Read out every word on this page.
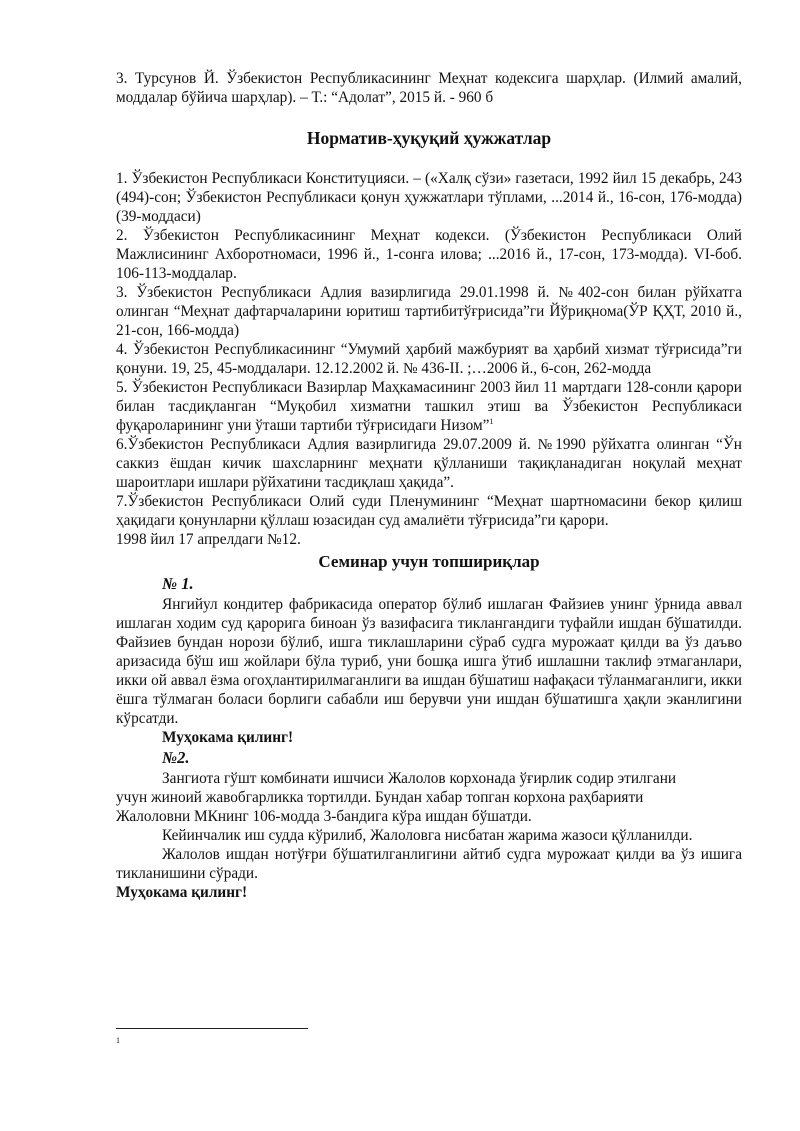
3. Турсунов Й. Ўзбекистон Республикасининг Меҳнат кодексига шарҳлар. (Илмий амалий, моддалар бўйича шарҳлар). – Т.: “Адолат”, 2015 й. - 960 б

Норматив-ҳуқуқий ҳужжатлар

1. Ўзбекистон Республикаси Конституцияси. – («Халқ сўзи» газетаси, 1992 йил 15 декабрь, 243 (494)-сон; Ўзбекистон Республикаси қонун ҳужжатлари тўплами, ...2014 й., 16-сон, 176-модда) (39-моддаси)

2. Ўзбекистон Республикасининг Меҳнат кодекси. (Ўзбекистон Республикаси Олий Мажлисининг Ахборотномаси, 1996 й., 1-сонга илова; ...2016 й., 17-сон, 173-модда). VI-боб. 106-113-моддалар.

3. Ўзбекистон Республикаси Адлия вазирлигида 29.01.1998 й. №402-сон билан рўйхатга олинган “Меҳнат дафтарчаларини юритиш тартибитўғрисида”ги Йўриқнома(ЎР ҚҲТ, 2010 й., 21-сон, 166-модда)

4. Ўзбекистон Республикасининг “Умумий ҳарбий мажбурият ва ҳарбий хизмат тўғрисида”ги қонуни. 19, 25, 45-моддалари. 12.12.2002 й. № 436-II. ;…2006 й., 6-сон, 262-модда

5. Ўзбекистон Республикаси Вазирлар Маҳкамасининг 2003 йил 11 мартдаги 128-сонли қарори билан тасдиқланган “Муқобил хизматни ташкил этиш ва Ўзбекистон Республикаси фуқароларининг уни ўташи тартиби тўғрисидаги Низом”$^1$

6.Ўзбекистон Республикаси Адлия вазирлигида 29.07.2009 й. №1990 рўйхатга олинган “Ўн саккиз ёшдан кичик шахсларнинг меҳнати қўлланиши тақиқланадиган ноқулай меҳнат шароитлари ишлари рўйхатини тасдиқлаш ҳақида”.

7.Ўзбекистон Республикаси Олий суди Пленумининг “Меҳнат шартномасини бекор қилиш ҳақидаги қонунларни қўллаш юзасидан суд амалиёти тўғрисида”ги қарори.

1998 йил 17 апрелдаги №12.

Семинар учун топшириқлар

№ 1.

Янгийул кондитер фабрикасида оператор бўлиб ишлаган Файзиев унинг ўрнида аввал ишлаган ходим суд қарорига биноан ўз вазифасига тиклангандиги туфайли ишдан бўшатилди. Файзиев бундан норози бўлиб, ишга тиклашларини сўраб судга мурожаат қилди ва ўз даъво аризасида бўш иш жойлари бўла туриб, уни бошқа ишга ўтиб ишлашни таклиф этмаганлари, икки ой аввал ёзма огоҳлантирилмаганлиги ва ишдан бўшатиш нафақаси тўланмаганлиги, икки ёшга тўлмаган боласи борлиги сабабли иш берувчи уни ишдан бўшатишга ҳақли эканлигини кўрсатди.

Муҳокама қилинг!

№2.

Зангиота гўшт комбинати ишчиси Жалолов корхонада ўғирлик содир этилгани

учун жиноий жавобгарликка тортилди. Бундан хабар топган корхона раҳбарияти

Жалоловни МКнинг 106-модда 3-бандига кўра ишдан бўшатди.

Кейинчалик иш судда кўрилиб, Жалоловга нисбатан жарима жазоси қўлланилди.

Жалолов ишдан нотўғри бўшатилганлигини айтиб судга мурожаат қилди ва ўз ишига тикланишини сўради.

Муҳокама қилинг!

1
